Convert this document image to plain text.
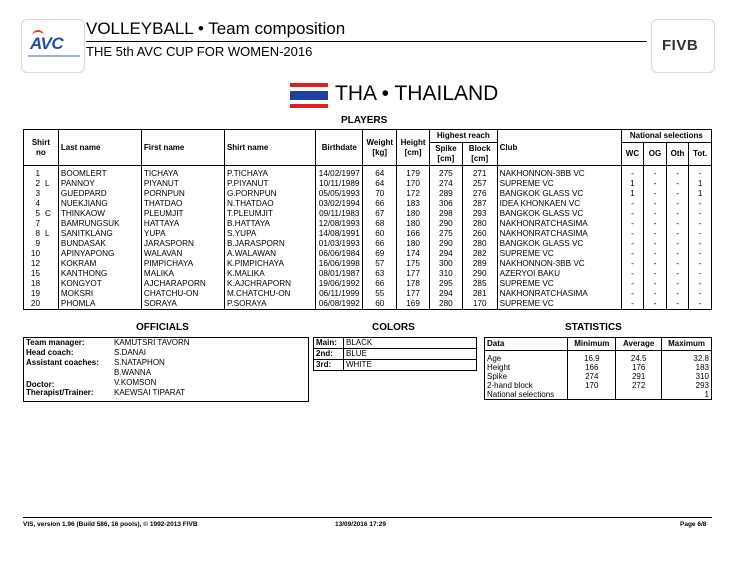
AVC
VOLLEYBALL • Team composition
THE 5th AVC CUP FOR WOMEN-2016	FIVB
THA • THAILAND
PLAYERS
Shirt no	Last name	First name	Shirt name	Birthdate	Weight [kg]	Height [cm]	Highest reach		Club	National selections			
							Spike [cm]	Block [cm]		WC	OG	Oth	Tot.
1	BOOMLERT	TICHAYA	P.TICHAYA	14/02/1997	64	179	275	271	NAKHONNON-3BB VC	-	-	-	-
2 L	PANNOY	PIYANUT	P.PIYANUT	10/11/1989	64	170	274	257	SUPREME VC	1	-	-	1
3	GUEDPARD	PORNPUN	G.PORNPUN	05/05/1993	70	172	289	276	BANGKOK GLASS VC	1	-	-	1
4	NUEKJIANG	THATDAO	N.THATDAO	03/02/1994	66	183	306	287	IDEA KHONKAEN VC	-	-	-	-
5 C	THINKAOW	PLEUMJIT	T.PLEUMJIT	09/11/1983	67	180	298	293	BANGKOK GLASS VC	-	-	-	-
7	BAMRUNGSUK	HATTAYA	B.HATTAYA	12/08/1993	68	180	290	280	NAKHONRATCHASIMA	-	-	-	-
8 L	SANITKLANG	YUPA	S.YUPA	14/08/1991	60	166	275	260	NAKHONRATCHASIMA	-	-	-	-
9	BUNDASAK	JARASPORN	B.JARASPORN	01/03/1993	66	180	290	280	BANGKOK GLASS VC	-	-	-	-
10	APINYAPONG	WALAVAN	A.WALAWAN	06/06/1984	69	174	294	282	SUPREME VC	-	-	-	-
12	KOKRAM	PIMPICHAYA	K.PIMPICHAYA	16/06/1998	57	175	300	289	NAKHONNON-3BB VC	-	-	-	-
15	KANTHONG	MALIKA	K.MALIKA	08/01/1987	63	177	310	290	AZERYOI BAKU	-	-	-	-
18	KONGYOT	AJCHARAPORN	K.AJCHRAPORN	19/06/1992	66	178	295	285	SUPREME VC	-	-	-	-
19	MOKSRI	CHATCHU-ON	M.CHATCHU-ON	06/11/1999	55	177	294	281	NAKHONRATCHASIMA	-	-	-	-
20	PHOMLA	SORAYA	P.SORAYA	06/08/1992	60	169	280	170	SUPREME VC	-	-	-	-
OFFICIALS
Team manager:	KAMUTSRI TAVORN
Head coach:	S.DANAI
Assistant coaches: S.NATAPHON
B.WANNA
Doctor:	V.KOMSON
Therapist/Trainer:	KAEWSAI TIPARAT
COLORS
Main:	BLACK
2nd:	BLUE
3rd:	WHITE
STATISTICS
Data	Minimum	Average	Maximum
Age	16.9	24.5	32.8
Height	166	176	183
Spike	274	291	310
2-hand block	170	272	293
National selections			1
VIS, version 1.96 (Build 586, 16 pools), © 1992-2013 FIVB	13/09/2016 17:29	Page 6/8
